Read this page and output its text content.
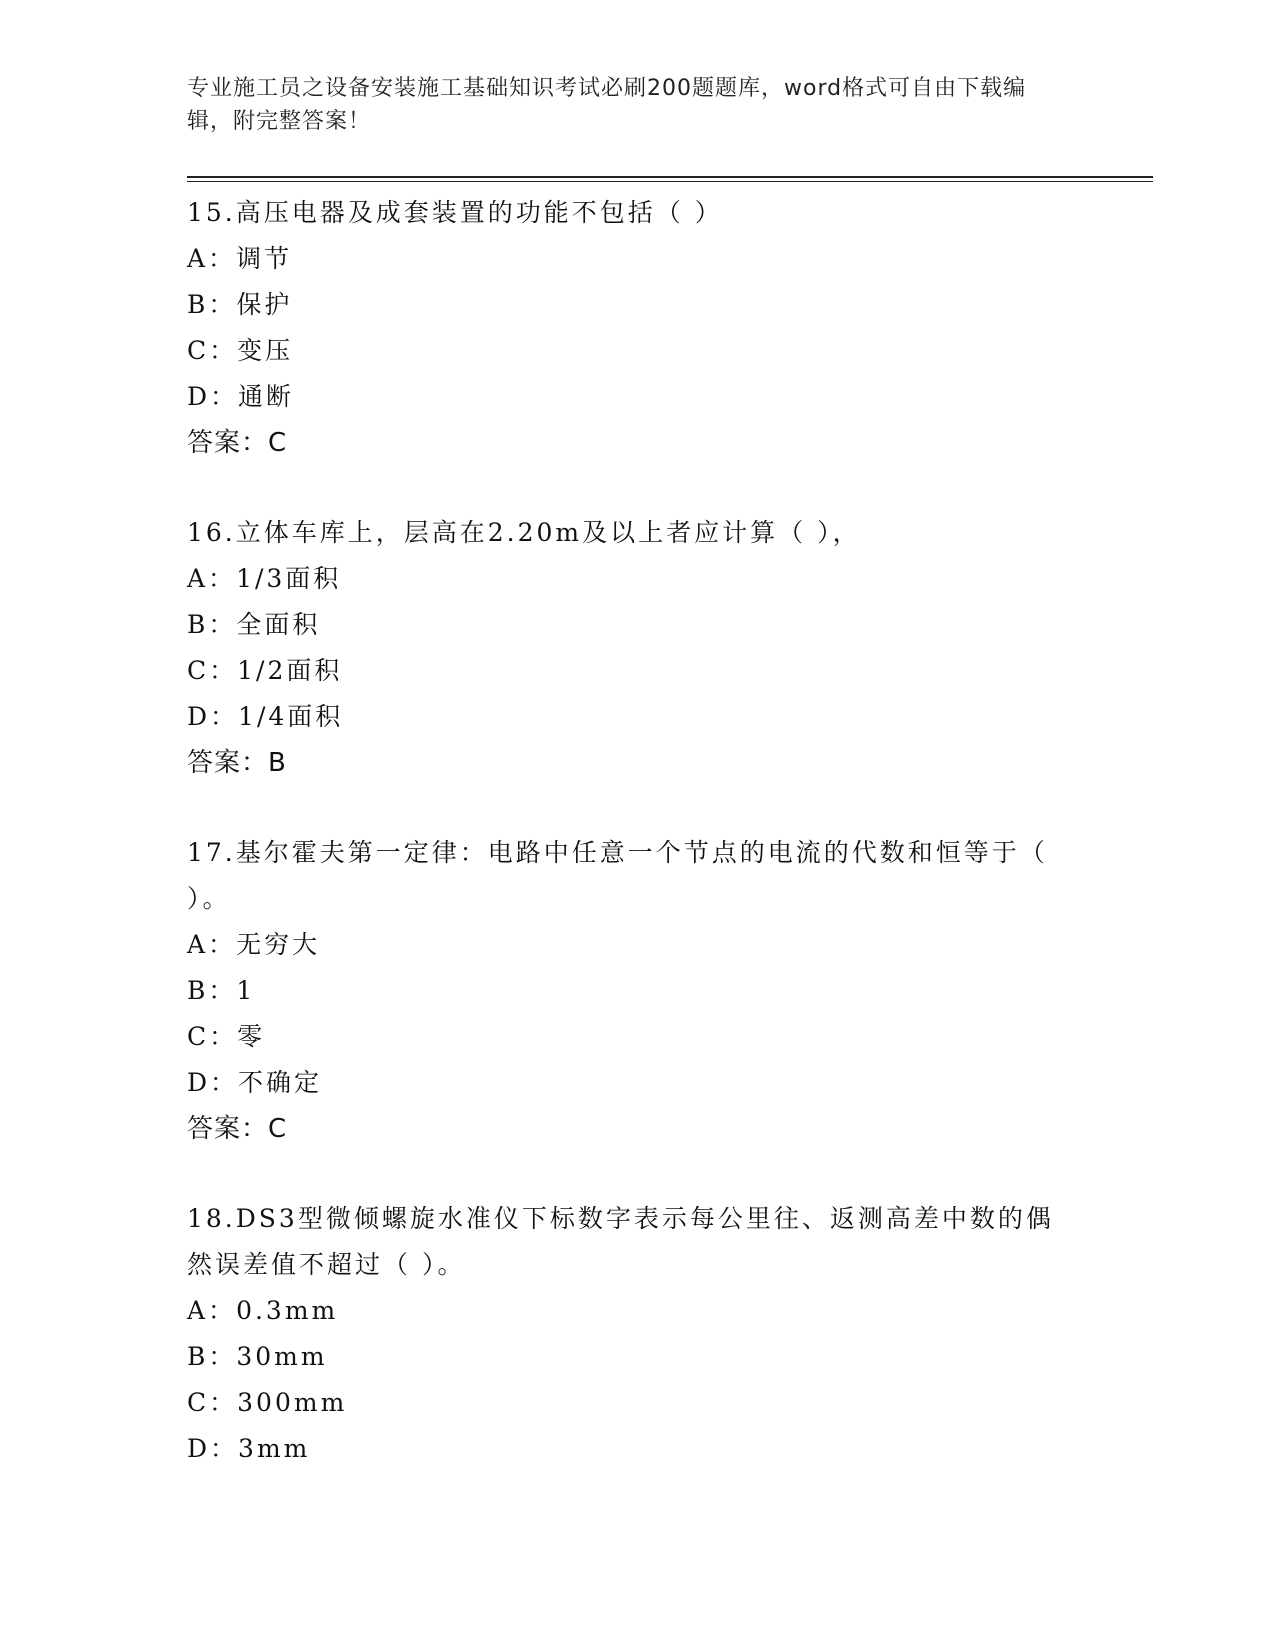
专业施工员之设备安装施工基础知识考试必刷200题题库，word格式可自由下载编辑，附完整答案！

15.高压电器及成套装置的功能不包括（ ）

A：调节

B：保护

C：变压

D：通断

答案：C

16.立体车库上，层高在2.20m及以上者应计算（ ），

A：1/3面积

B：全面积

C：1/2面积

D：1/4面积

答案：B

17.基尔霍夫第一定律：电路中任意一个节点的电流的代数和恒等于（ ）。

A：无穷大

B：1

C：零

D：不确定

答案：C

18.DS3型微倾螺旋水准仪下标数字表示每公里往、返测高差中数的偶然误差值不超过（ ）。

A：0.3mm

B：30mm

C：300mm

D：3mm
